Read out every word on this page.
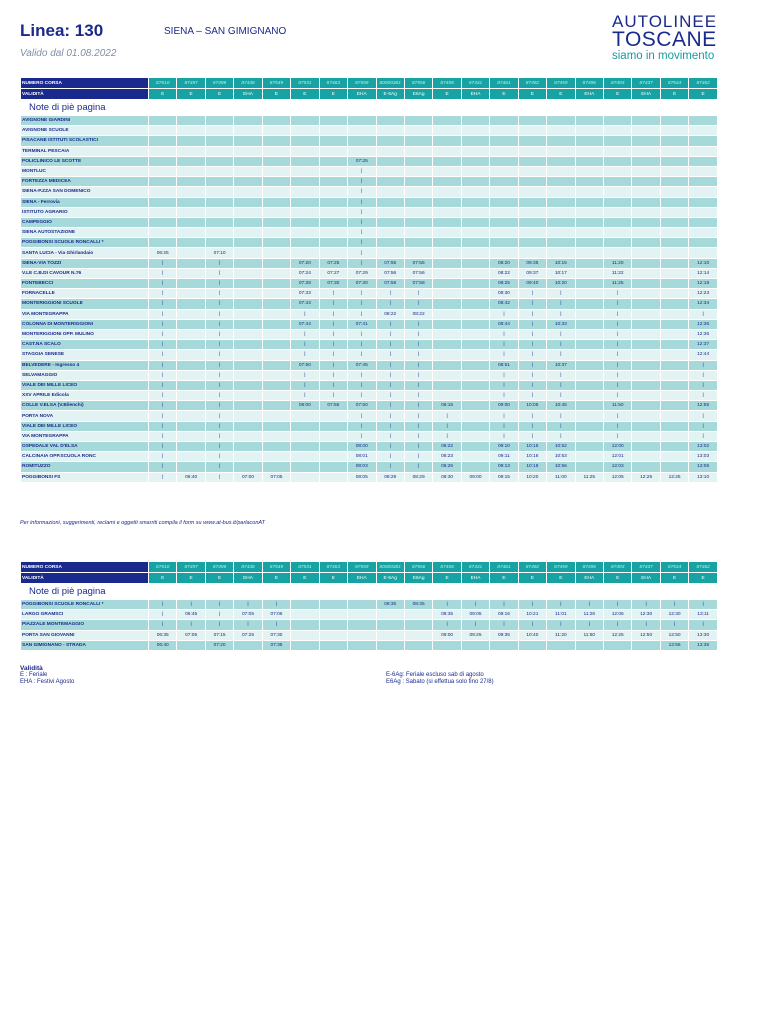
Linea: 130	SIENA – SAN GIMIGNANO
Valido dal 01.08.2022
AUTOLINEE
TOSCANE
siamo in movimento
NUMERO CORSA	87510	87497	87498	87438	87549	87531	87463	87559	80000381	87556	87458	87431	87461	87492	87459	87496	87493	87437	87534	87462
VALIDITÀ	E	E	E	EHA	E	E	E	EHA	E-6Ag	E6Ag	E	EHA	E	E	E	EHA	E	EHA	E	E
Note di piè pagina																				
AVIGNONE GIARDINI																				
AVIGNONE SCUOLE																				
PISACANE ISTITUTI SCOLASTICI																				
TERMINAL PESCAIA																				
POLICLINICO LE SCOTTE								07:25												
MONTLUC								|												
FORTEZZA MEDICEA								|												
SIENA-P.ZZA SAN DOMENICO								|												
SIENA - Ferrovia								|												
ISTITUTO AGRARIO								|												
CAMPEGGIO								|												
SIENA AUTOSTAZIONE								|												
POGGIBONSI SCUOLE RONCALLI *								|												
SANTA LUCIA - Via Ghirlandaio	06:25		07:10					|												
SIENA-VIA TOZZI	|		|			07:20	07:25	|	07:55	07:55			08:20	09:35	10:15		11:20			12:10
V.LE C.B.DI CAVOUR N.76	|		|			07:24	07:27	07:29	07:56	07:56			08:22	09:37	10:17		11:22			12:14
FONTEBECCI	|		|			07:28	07:30	07:30	07:58	07:58			08:25	09:40	10:20		11:25			12:18
FORNACELLE	|		|			07:33	|	|	|	|			08:30	|	|		|			12:23
MONTERIGGIONI SCUOLE	|		|			07:43	|	|	|	|			08:42	|	|		|			12:34
VIA MONTEGRAPPA	|		|			|	|	|	08:22	08:22			|	|	|		|			|
COLONNA DI MONTERIGGIONI	|		|			07:44	|	07:41	|	|			08:44	|	10:33		|			12:36
MONTERIGGIONI OPP. MULINO	|		|			|	|	|	|	|			|	|	|		|			12:36
CAST.NA SCALO	|		|			|	|	|	|	|			|	|	|		|			12:37
STAGGIA SENESE	|		|			|	|	|	|	|			|	|	|		|			12:44
BELVEDERE - Ingresso 4	|		|			07:50	|	07:45	|	|			08:51	|	10:37		|			|
SELVAMAGGIO	|		|			|	|	|	|	|			|	|	|		|			|
VIALE DEI MILLE LICEO	|		|			|	|	|	|	|			|	|	|		|			|
XXV APRILE Edicola	|		|			|	|	|	|	|			|	|	|		|			|
COLLE V.ELSA (V.Bilenchi)	|		|			08:00	07:55	07:50	|	|	06:15		09:00	10:05	10:45		11:50			12:55
PORTA NOVA	|		|					|	|	|	|		|	|	|		|			|
VIALE DEI MILLE LICEO	|		|					|	|	|	|		|	|	|		|			|
VIA MONTEGRAPPA	|		|					|	|	|	|		|	|	|		|			|
OSPEDALE VAL D'ELSA	|		|					08:00	|	|	06:22		09:10	10:15	10:52		12:00			13:02
CALCINAIA OPP.SCUOLA RONC	|		|					08:01	|	|	06:23		09:11	10:16	10:53		12:01			13:03
ROMITUZZO	|		|					08:03	|	|	06:26		09:13	10:18	10:56		12:03			13:06
POGGIBONSI FS	|	06:40	|	07:00	07:05			08:05	08:29	08:29	08:30	09:00	09:15	10:20	11:00	11:25	12:05	12:25	12:25	13:10
Per informazioni, suggerimenti, reclami e oggetti smarriti compila il form su www.at-bus.it/parlaconAT
NUMERO CORSA	87510	87497	87498	87438	87549	87531	87463	87559	80000381	87556	87458	87431	87461	87492	87459	87496	87493	87437	87534	87462
VALIDITÀ	E	E	E	EHA	E	E	E	EHA	E-6Ag	E6Ag	E	EHA	E	E	E	EHA	E	EHA	E	E
Note di piè pagina																				
POGGIBONSI SCUOLE RONCALLI *	|	|	|	|	|				08:35	08:35	|	|	|	|	|	|	|	|	|	|
LARGO GRAMSCI	|	06:45	|	07:05	07:06						08:35	09:05	09:16	10:21	11:01	11:26	12:06	12:30	12:30	13:11
PIAZZALE MONTEMAGGIO	|	|	|	|	|						|	|	|	|	|	|	|	|	|	|
PORTA SAN GIOVANNI	06:35	07:05	07:15	07:25	07:30						09:00	09:25	09:35	10:40	11:20	11:50	12:25	12:50	12:50	13:30
SAN GIMIGNANO - STRADA	06:40		07:20		07:35														12:55	13:35
Validità
E : Feriale
EHA : Festivi Agosto
E-6Ag: Feriale escluso sab di agosto
E6Ag : Sabato (si effettua solo fino 27/8)
